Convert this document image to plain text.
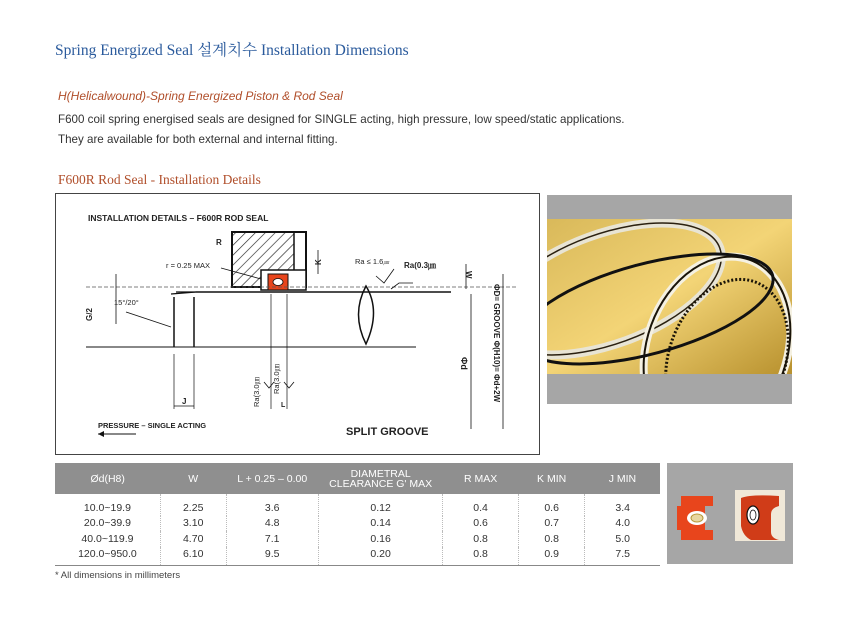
Spring Energized Seal 설계치수 Installation Dimensions
H(Helicalwound)-Spring Energized Piston & Rod Seal
F600 coil spring energised seals are designed for SINGLE acting, high pressure, low speed/static applications.
They are available for both external and internal fitting.
F600R Rod Seal - Installation Details
INSTALLATION DETAILS – F600R ROD SEAL
G/2
15°/20°
R
r = 0.25 MAX	K	Ra ≤ 1.6㎛ Ra(0.3㎛
W
Φd	ΦD= GROOVE Φ(H10)= Φd+2W
Ra(3.0㎛ Ra(3.0㎛
L
J
PRESSURE – SINGLE ACTING
SPLIT GROOVE
Ød(H8)	W	L + 0.25 – 0.00	DIAMETRAL CLEARANCE G' MAX	R MAX	K MIN	J MIN
10.0~19.9	2.25	3.6	0.12	0.4	0.6	3.4
20.0~39.9	3.10	4.8	0.14	0.6	0.7	4.0
40.0~119.9	4.70	7.1	0.16	0.8	0.8	5.0
120.0~950.0	6.10	9.5	0.20	0.8	0.9	7.5
* All dimensions in millimeters
